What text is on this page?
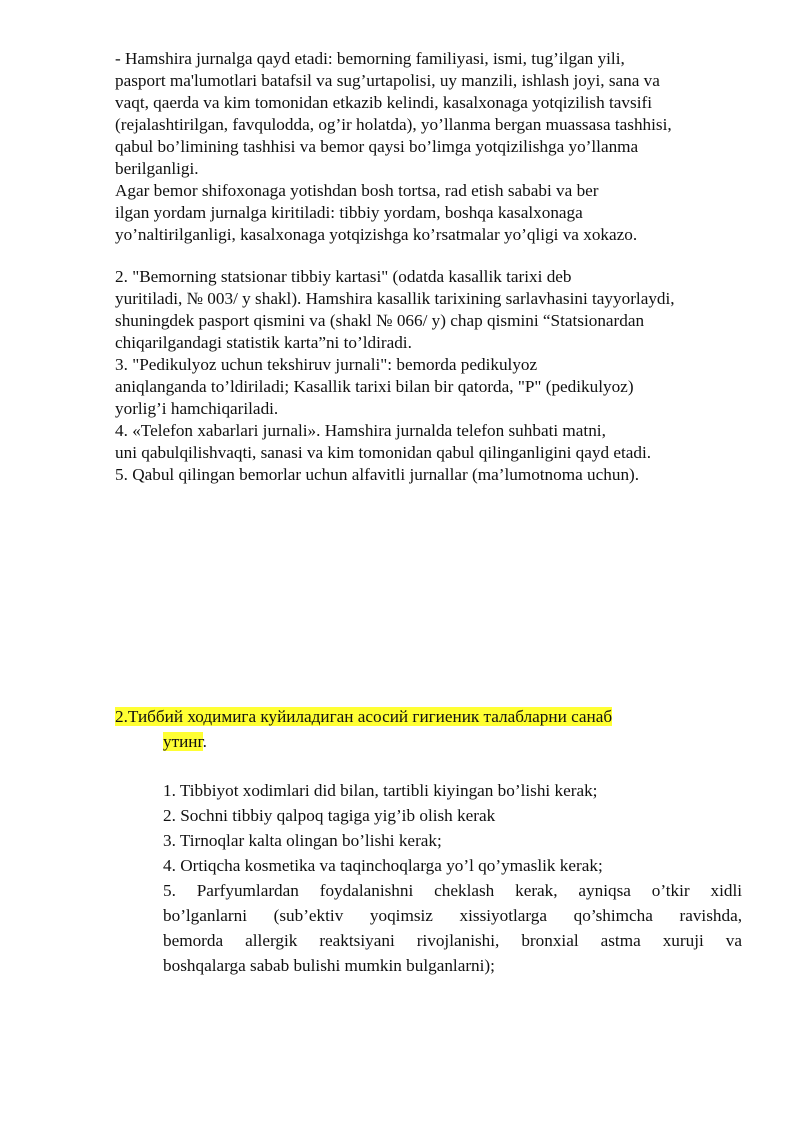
- Hamshira jurnalga qayd etadi: bemorning familiyasi, ismi, tug’ilgan yili,
pasport ma'lumotlari batafsil va sug’urtapolisi, uy manzili, ishlash joyi, sana va
vaqt, qaerda va kim tomonidan etkazib kelindi, kasalxonaga yotqizilish tavsifi
(rejalashtirilgan, favqulodda, og’ir holatda), yo’llanma bergan muassasa tashhisi,
qabul bo’limining tashhisi va bemor qaysi bo’limga yotqizilishga yo’llanma
berilganligi.
Agar bemor shifoxonaga yotishdan bosh tortsa, rad etish sababi va ber
ilgan yordam jurnalga kiritiladi: tibbiy yordam, boshqa kasalxonaga
yo’naltirilganligi, kasalxonaga yotqizishga ko’rsatmalar yo’qligi va xokazo.
2. "Bemorning statsionar tibbiy kartasi" (odatda kasallik tarixi deb
yuritiladi, № 003/ y shakl). Hamshira kasallik tarixining sarlavhasini tayyorlaydi,
shuningdek pasport qismini va (shakl № 066/ y) chap qismini “Statsionardan
chiqarilgandagi statistik karta”ni to’ldiradi.
3. "Pedikulyoz uchun tekshiruv jurnali": bemorda pedikulyoz
aniqlanganda to’ldiriladi; Kasallik tarixi bilan bir qatorda, "P" (pedikulyoz)
yorlig’i hamchiqariladi.
4. «Telefon xabarlari jurnali». Hamshira jurnalda telefon suhbati matni,
uni qabulqilishvaqti, sanasi va kim tomonidan qabul qilinganligini qayd etadi.
5. Qabul qilingan bemorlar uchun alfavitli jurnallar (ma’lumotnoma uchun).
2.Тиббий ходимига куйиладиган асосий гигиеник талабларни санаб
утинг.
1. Tibbiyot xodimlari did bilan, tartibli kiyingan bo’lishi kerak;
2. Sochni tibbiy qalpoq tagiga yig’ib olish kerak
3. Tirnoqlar kalta olingan bo’lishi kerak;
4. Ortiqcha kosmetika va taqinchoqlarga yo’l qo’ymaslik kerak;
5. Parfyumlardan foydalanishni cheklash kerak, ayniqsa o’tkir xidli
bo’lganlarni (sub’ektiv yoqimsiz xissiyotlarga qo’shimcha ravishda,
bemorda allergik reaktsiyani rivojlanishi, bronxial astma xuruji va
boshqalarga sabab bulishi mumkin bulganlarni);
